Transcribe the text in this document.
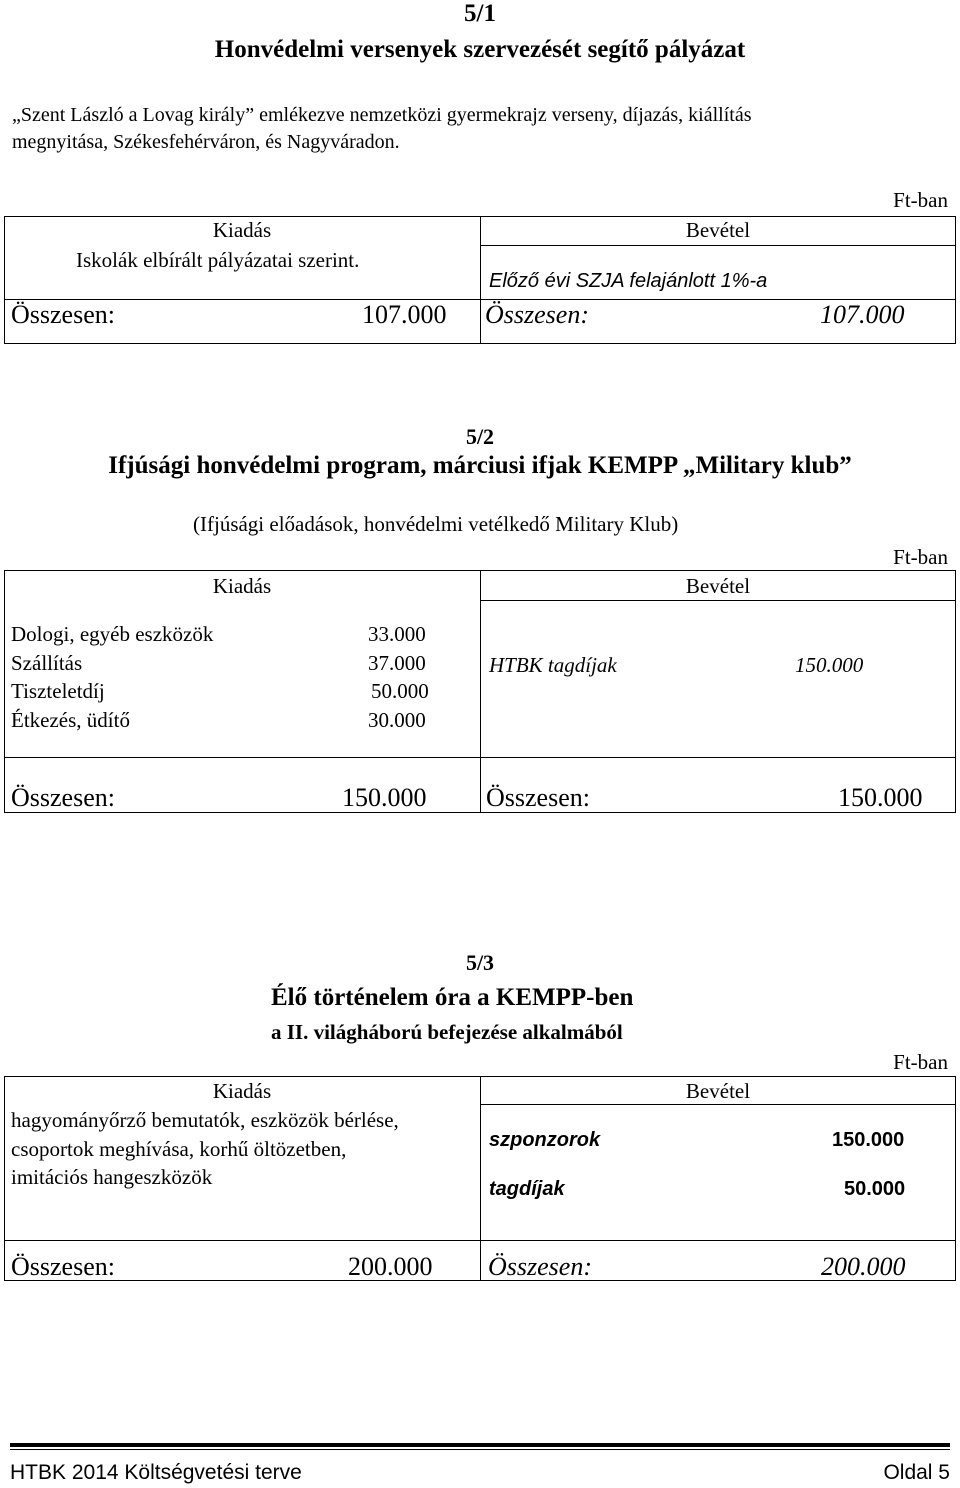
5/1
Honvédelmi versenyek szervezését segítő pályázat
„Szent László a Lovag király” emlékezve nemzetközi gyermekrajz verseny, díjazás, kiállítás
megnyitása, Székesfehérváron, és Nagyváradon.
Ft-ban
Kiadás	Bevétel
Iskolák elbírált pályázatai szerint.
Előző évi SZJA felajánlott 1%-a
Összesen:	107.000 Összesen:	107.000
5/2
Ifjúsági honvédelmi program, márciusi ifjak KEMPP „Military klub”
(Ifjúsági előadások, honvédelmi vetélkedő Military Klub)
Ft-ban
Kiadás	Bevétel
Dologi, egyéb eszközök	33.000
Szállítás	37.000
Tiszteletdíj	50.000
Étkezés, üdítő	30.000
HTBK tagdíjak	150.000
Összesen:	150.000 Összesen:	150.000
5/3
Élő történelem óra a KEMPP-ben
a II. világháború befejezése alkalmából
Ft-ban
Kiadás	Bevétel
hagyományőrző bemutatók, eszközök bérlése,
csoportok meghívása, korhű öltözetben,
imitációs hangeszközök
szponzorok	150.000
tagdíjak	50.000
Összesen:	200.000 Összesen:	200.000
HTBK 2014 Költségvetési terve	Oldal 5
